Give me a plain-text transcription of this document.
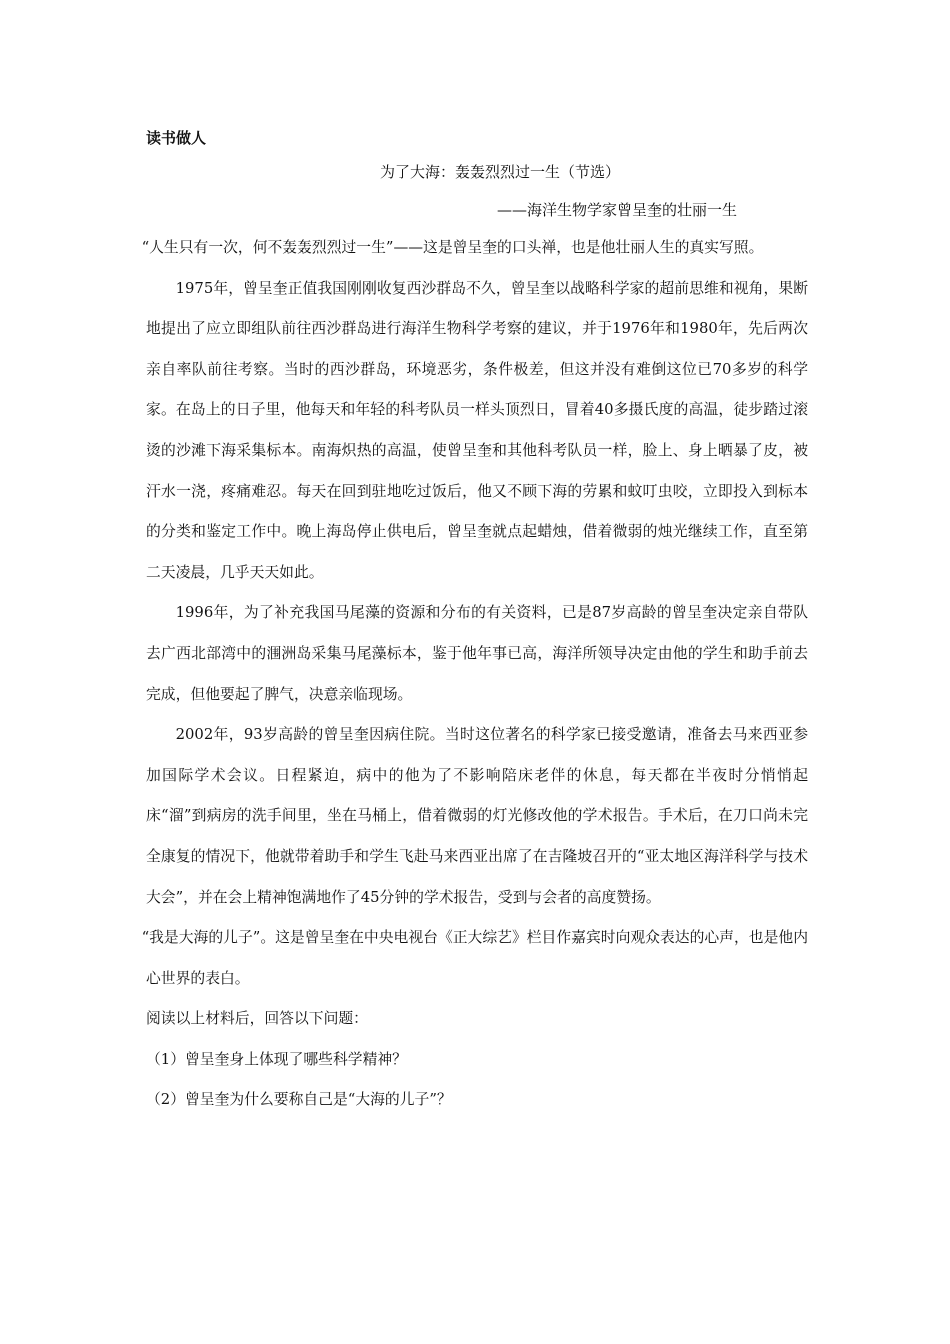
读书做人
为了大海：轰轰烈烈过一生（节选）
——海洋生物学家曾呈奎的壮丽一生

“人生只有一次，何不轰轰烈烈过一生”——这是曾呈奎的口头禅，也是他壮丽人生的真实写照。

1975年，曾呈奎正值我国刚刚收复西沙群岛不久，曾呈奎以战略科学家的超前思维和视角，果断地提出了应立即组队前往西沙群岛进行海洋生物科学考察的建议，并于1976年和1980年，先后两次亲自率队前往考察。当时的西沙群岛，环境恶劣，条件极差，但这并没有难倒这位已70多岁的科学家。在岛上的日子里，他每天和年轻的科考队员一样头顶烈日，冒着40多摄氏度的高温，徒步踏过滚烫的沙滩下海采集标本。南海炽热的高温，使曾呈奎和其他科考队员一样，脸上、身上晒暴了皮，被汗水一浇，疼痛难忍。每天在回到驻地吃过饭后，他又不顾下海的劳累和蚊叮虫咬，立即投入到标本的分类和鉴定工作中。晚上海岛停止供电后，曾呈奎就点起蜡烛，借着微弱的烛光继续工作，直至第二天凌晨，几乎天天如此。

1996年，为了补充我国马尾藻的资源和分布的有关资料，已是87岁高龄的曾呈奎决定亲自带队去广西北部湾中的涠洲岛采集马尾藻标本，鉴于他年事已高，海洋所领导决定由他的学生和助手前去完成，但他要起了脾气，决意亲临现场。

2002年，93岁高龄的曾呈奎因病住院。当时这位著名的科学家已接受邀请，准备去马来西亚参加国际学术会议。日程紧迫，病中的他为了不影响陪床老伴的休息，每天都在半夜时分悄悄起床“溜”到病房的洗手间里，坐在马桶上，借着微弱的灯光修改他的学术报告。手术后，在刀口尚未完全康复的情况下，他就带着助手和学生飞赴马来西亚出席了在吉隆坡召开的“亚太地区海洋科学与技术大会”，并在会上精神饱满地作了45分钟的学术报告，受到与会者的高度赞扬。

“我是大海的儿子”。这是曾呈奎在中央电视台《正大综艺》栏目作嘉宾时向观众表达的心声，也是他内心世界的表白。

阅读以上材料后，回答以下问题：

（1）曾呈奎身上体现了哪些科学精神？

（2）曾呈奎为什么要称自己是“大海的儿子”？
